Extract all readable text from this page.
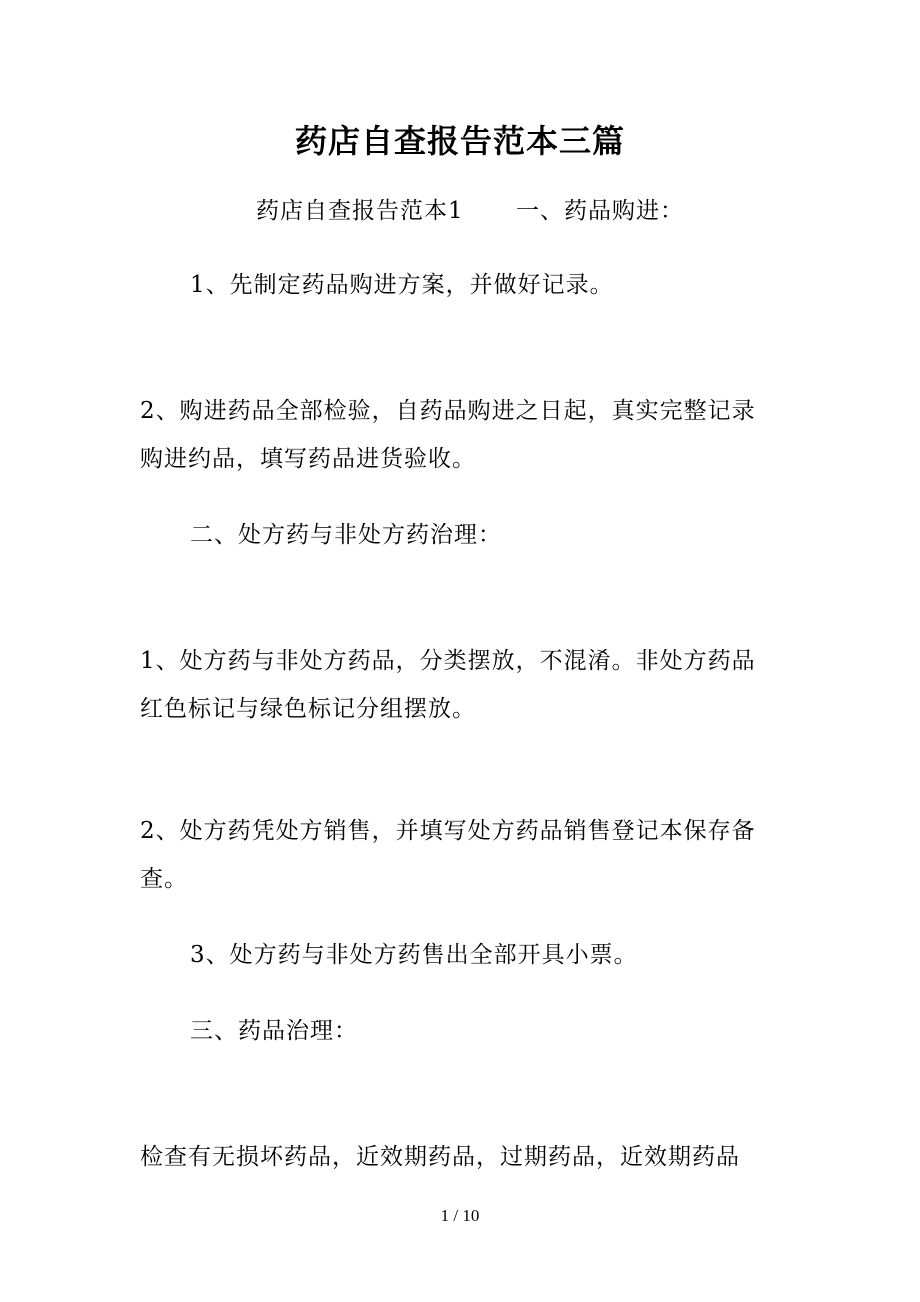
药店自查报告范本三篇
药店自查报告范本1 一、药品购进：
1、先制定药品购进方案，并做好记录。
2、购进药品全部检验，自药品购进之日起，真实完整记录
购进约品，填写药品进货验收。
二、处方药与非处方药治理：
1、处方药与非处方药品，分类摆放，不混淆。非处方药品
红色标记与绿色标记分组摆放。
2、处方药凭处方销售，并填写处方药品销售登记本保存备
查。
3、处方药与非处方药售出全部开具小票。
三、药品治理：
检查有无损坏药品，近效期药品，过期药品，近效期药品
1 / 10
